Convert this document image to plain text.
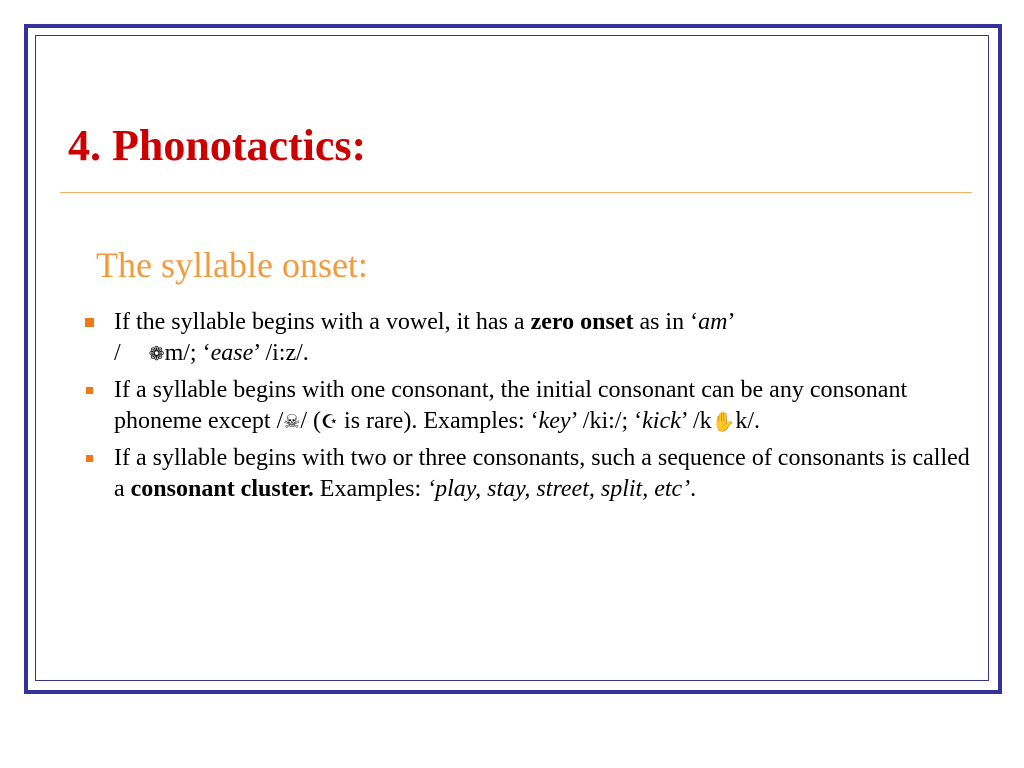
4. Phonotactics:
The syllable onset:
If the syllable begins with a vowel, it has a zero onset as in ‘am’
/ ❁m/; ‘ease’ /i:z/.
If a syllable begins with one consonant, the initial consonant can be any consonant phoneme except /☠/ (☪ is rare). Examples: ‘key’ /ki:/; ‘kick’ /k✋k/.
If a syllable begins with two or three consonants, such a sequence of consonants is called a consonant cluster. Examples: ‘play, stay, street, split, etc’.
